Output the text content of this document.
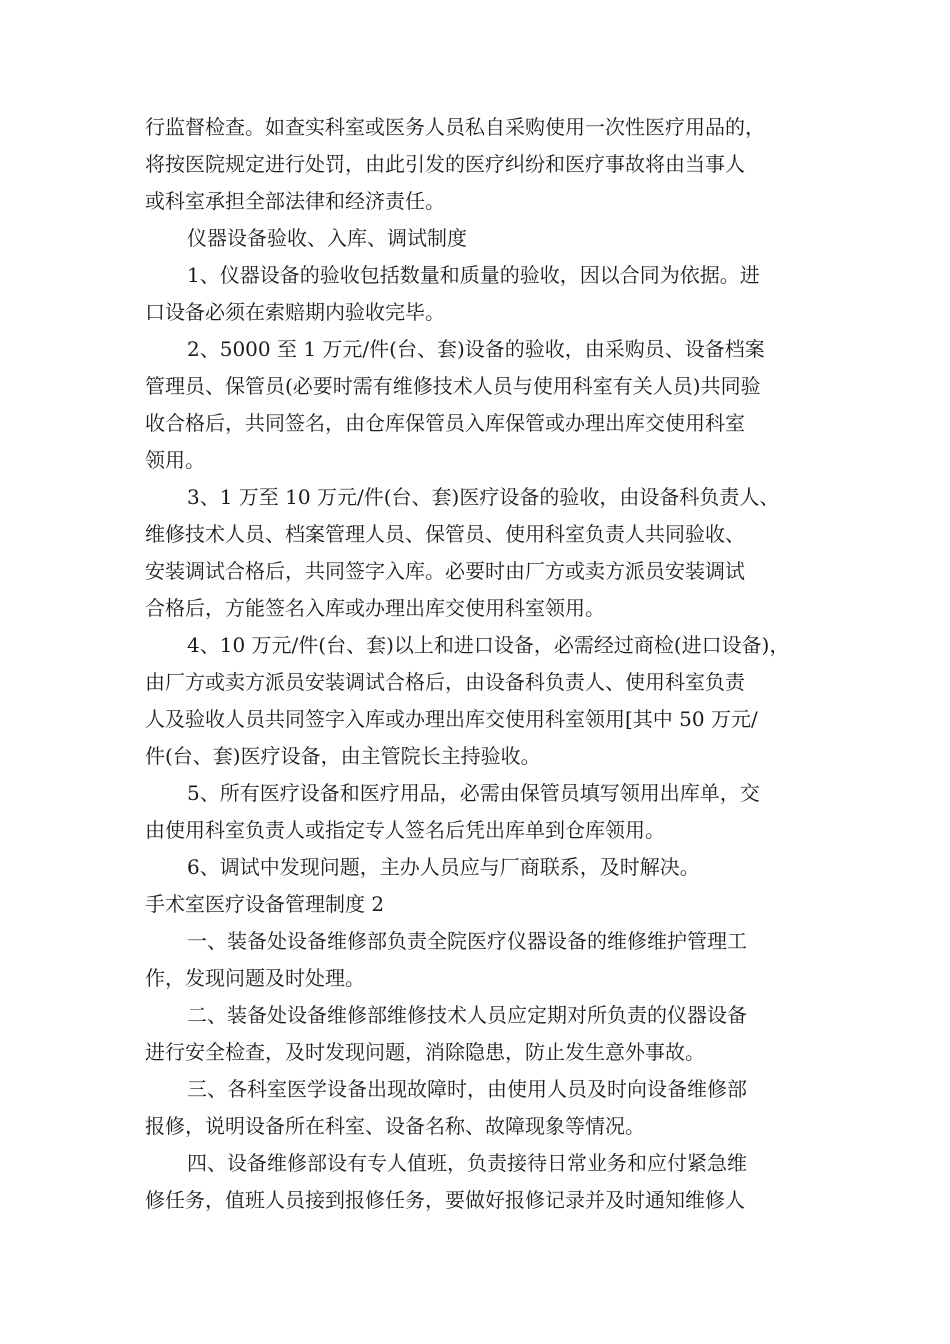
行监督检查。如查实科室或医务人员私自采购使用一次性医疗用品的，
将按医院规定进行处罚，由此引发的医疗纠纷和医疗事故将由当事人
或科室承担全部法律和经济责任。
仪器设备验收、入库、调试制度
1、仪器设备的验收包括数量和质量的验收，因以合同为依据。进
口设备必须在索赔期内验收完毕。
2、5000 至 1 万元/件(台、套)设备的验收，由采购员、设备档案
管理员、保管员(必要时需有维修技术人员与使用科室有关人员)共同验
收合格后，共同签名，由仓库保管员入库保管或办理出库交使用科室
领用。
3、1 万至 10 万元/件(台、套)医疗设备的验收，由设备科负责人、
维修技术人员、档案管理人员、保管员、使用科室负责人共同验收、
安装调试合格后，共同签字入库。必要时由厂方或卖方派员安装调试
合格后，方能签名入库或办理出库交使用科室领用。
4、10 万元/件(台、套)以上和进口设备，必需经过商检(进口设备)，
由厂方或卖方派员安装调试合格后，由设备科负责人、使用科室负责
人及验收人员共同签字入库或办理出库交使用科室领用[其中 50 万元/
件(台、套)医疗设备，由主管院长主持验收。
5、所有医疗设备和医疗用品，必需由保管员填写领用出库单，交
由使用科室负责人或指定专人签名后凭出库单到仓库领用。
6、调试中发现问题，主办人员应与厂商联系，及时解决。
手术室医疗设备管理制度 2
一、装备处设备维修部负责全院医疗仪器设备的维修维护管理工
作，发现问题及时处理。
二、装备处设备维修部维修技术人员应定期对所负责的仪器设备
进行安全检查，及时发现问题，消除隐患，防止发生意外事故。
三、各科室医学设备出现故障时，由使用人员及时向设备维修部
报修，说明设备所在科室、设备名称、故障现象等情况。
四、设备维修部设有专人值班，负责接待日常业务和应付紧急维
修任务，值班人员接到报修任务，要做好报修记录并及时通知维修人
